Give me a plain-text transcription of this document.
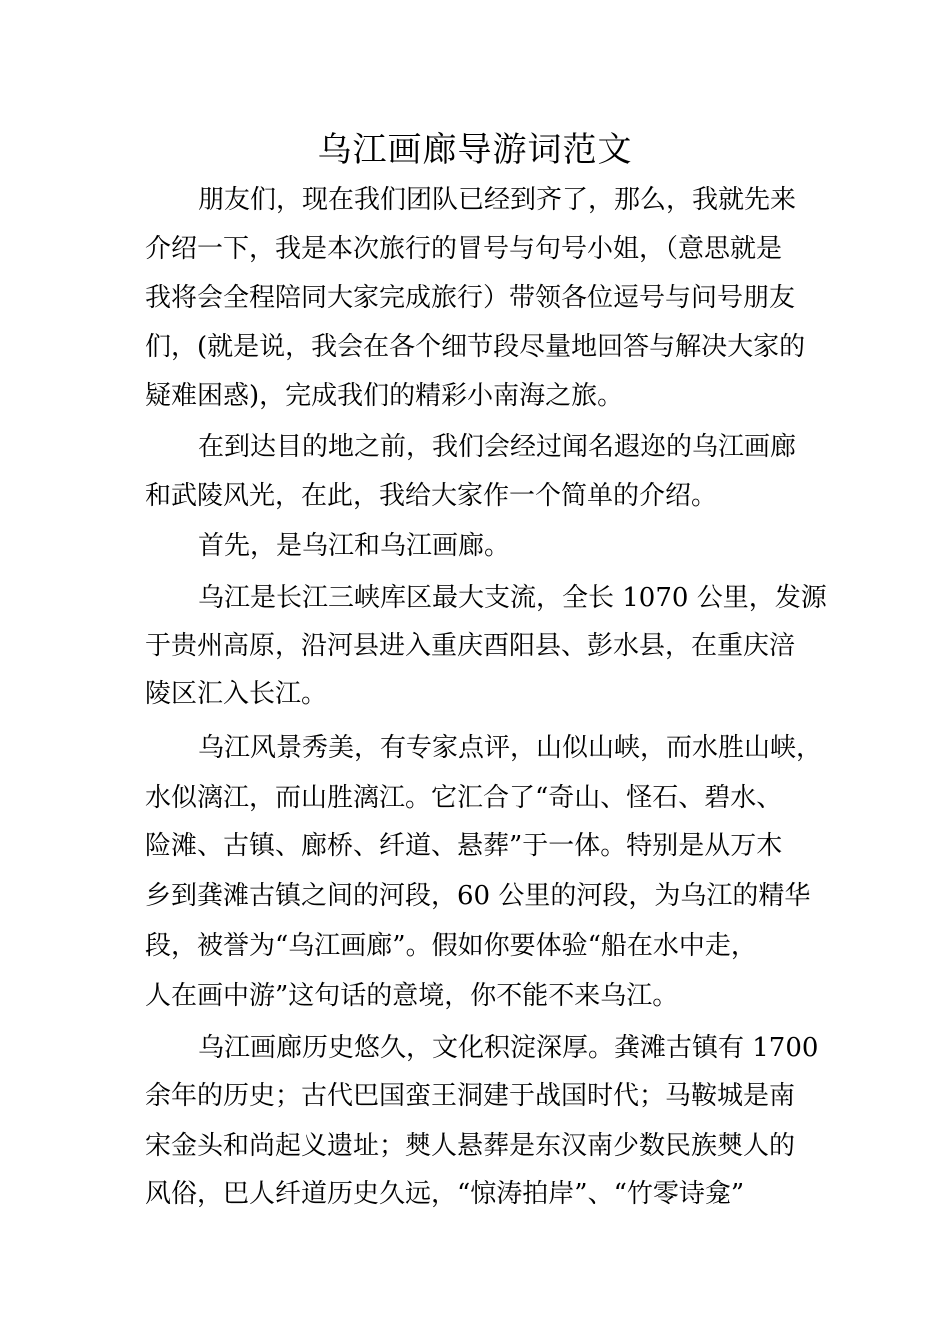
乌江画廊导游词范文

朋友们，现在我们团队已经到齐了，那么，我就先来

介绍一下，我是本次旅行的冒号与句号小姐，（意思就是

我将会全程陪同大家完成旅行）带领各位逗号与问号朋友

们，(就是说，我会在各个细节段尽量地回答与解决大家的

疑难困惑)，完成我们的精彩小南海之旅。

在到达目的地之前，我们会经过闻名遐迩的乌江画廊

和武陵风光，在此，我给大家作一个简单的介绍。

首先，是乌江和乌江画廊。

乌江是长江三峡库区最大支流，全长 1070 公里，发源

于贵州高原，沿河县进入重庆酉阳县、彭水县，在重庆涪

陵区汇入长江。

乌江风景秀美，有专家点评，山似山峡，而水胜山峡，

水似漓江，而山胜漓江。它汇合了“奇山、怪石、碧水、

险滩、古镇、廊桥、纤道、悬葬”于一体。特别是从万木

乡到龚滩古镇之间的河段，60 公里的河段，为乌江的精华

段，被誉为“乌江画廊”。假如你要体验“船在水中走，

人在画中游”这句话的意境，你不能不来乌江。

乌江画廊历史悠久，文化积淀深厚。龚滩古镇有 1700

余年的历史；古代巴国蛮王洞建于战国时代；马鞍城是南

宋金头和尚起义遗址；僰人悬葬是东汉南少数民族僰人的

风俗，巴人纤道历史久远，“惊涛拍岸”、“竹零诗龛”
